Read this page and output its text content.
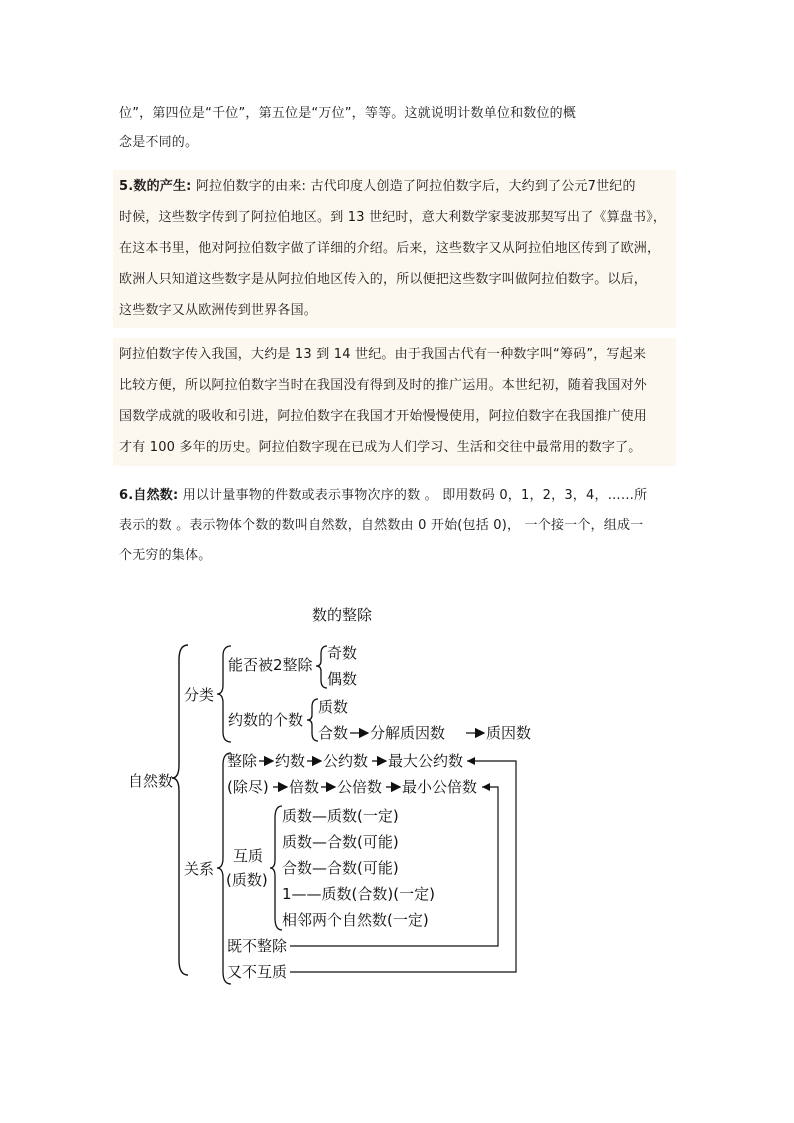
位”，第四位是“千位”，第五位是“万位”，等等。这就说明计数单位和数位的概
念是不同的。
5.数的产生: 阿拉伯数字的由来: 古代印度人创造了阿拉伯数字后，大约到了公元7世纪的
时候，这些数字传到了阿拉伯地区。到 13 世纪时，意大利数学家斐波那契写出了《算盘书》，
在这本书里，他对阿拉伯数字做了详细的介绍。后来，这些数字又从阿拉伯地区传到了欧洲，
欧洲人只知道这些数字是从阿拉伯地区传入的，所以便把这些数字叫做阿拉伯数字。以后，
这些数字又从欧洲传到世界各国。
阿拉伯数字传入我国，大约是 13 到 14 世纪。由于我国古代有一种数字叫“筹码”，写起来
比较方便，所以阿拉伯数字当时在我国没有得到及时的推广运用。本世纪初，随着我国对外
国数学成就的吸收和引进，阿拉伯数字在我国才开始慢慢使用，阿拉伯数字在我国推广使用
才有 100 多年的历史。阿拉伯数字现在已成为人们学习、生活和交往中最常用的数字了。
6.自然数: 用以计量事物的件数或表示事物次序的数 。 即用数码 0，1，2，3，4，……所
表示的数 。表示物体个数的数叫自然数，自然数由 0 开始(包括 0)， 一个接一个，组成一
个无穷的集体。
数的整除
自然数
分类
能否被2整除
奇数
偶数
约数的个数
质数
合数 分解质因数	质因数
关系
整除 约数 公约数 最大公约数
(除尽) 倍数 公倍数 最小公倍数
互质
(质数)
质数—质数(一定)
质数—合数(可能)
合数—合数(可能)
1——质数(合数)(一定)
相邻两个自然数(一定)
既不整除
又不互质
